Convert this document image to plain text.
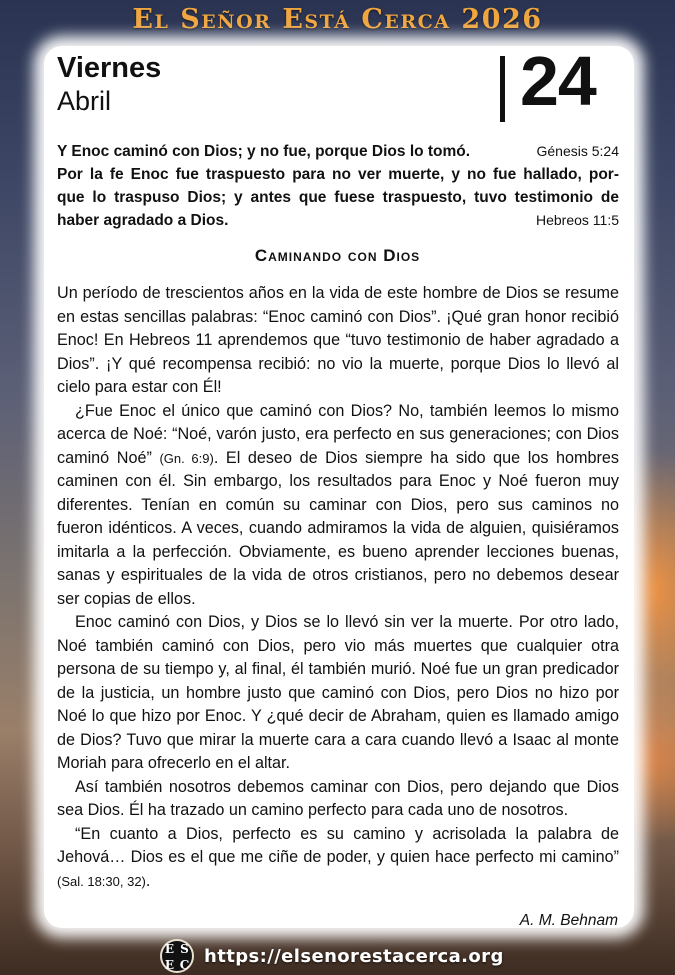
El Señor Está Cerca 2026
Viernes
Abril	24
Y Enoc caminó con Dios; y no fue, porque Dios lo tomó.	Génesis 5:24
Por la fe Enoc fue traspuesto para no ver muerte, y no fue hallado, por-
que lo traspuso Dios; y antes que fuese traspuesto, tuvo testimonio de
haber agradado a Dios.	Hebreos 11:5
Caminando con Dios

Un período de trescientos años en la vida de este hombre de Dios se resume en estas sencillas palabras: “Enoc caminó con Dios”. ¡Qué gran honor recibió Enoc! En Hebreos 11 aprendemos que “tuvo testimonio de haber agradado a Dios”. ¡Y qué recompensa recibió: no vio la muerte, porque Dios lo llevó al cielo para estar con Él!

¿Fue Enoc el único que caminó con Dios? No, también leemos lo mismo acerca de Noé: “Noé, varón justo, era perfecto en sus generaciones; con Dios caminó Noé” (Gn. 6:9). El deseo de Dios siempre ha sido que los hombres caminen con él. Sin embargo, los resultados para Enoc y Noé fueron muy diferentes. Tenían en común su caminar con Dios, pero sus caminos no fueron idénticos. A veces, cuando admiramos la vida de alguien, quisiéramos imitarla a la perfección. Obviamente, es bueno aprender lecciones buenas, sanas y espirituales de la vida de otros cristianos, pero no debemos desear ser copias de ellos.

Enoc caminó con Dios, y Dios se lo llevó sin ver la muerte. Por otro lado, Noé también caminó con Dios, pero vio más muertes que cualquier otra persona de su tiempo y, al final, él también murió. Noé fue un gran predicador de la justicia, un hombre justo que caminó con Dios, pero Dios no hizo por Noé lo que hizo por Enoc. Y ¿qué decir de Abraham, quien es llamado amigo de Dios? Tuvo que mirar la muerte cara a cara cuando llevó a Isaac al monte Moriah para ofrecerlo en el altar.

Así también nosotros debemos caminar con Dios, pero dejando que Dios sea Dios. Él ha trazado un camino perfecto para cada uno de nosotros.

“En cuanto a Dios, perfecto es su camino y acrisolada la palabra de Jehová… Dios es el que me ciñe de poder, y quien hace perfecto mi camino” (Sal. 18:30, 32).

A. M. Behnam
E S
E C https://elsenorestacerca.org
